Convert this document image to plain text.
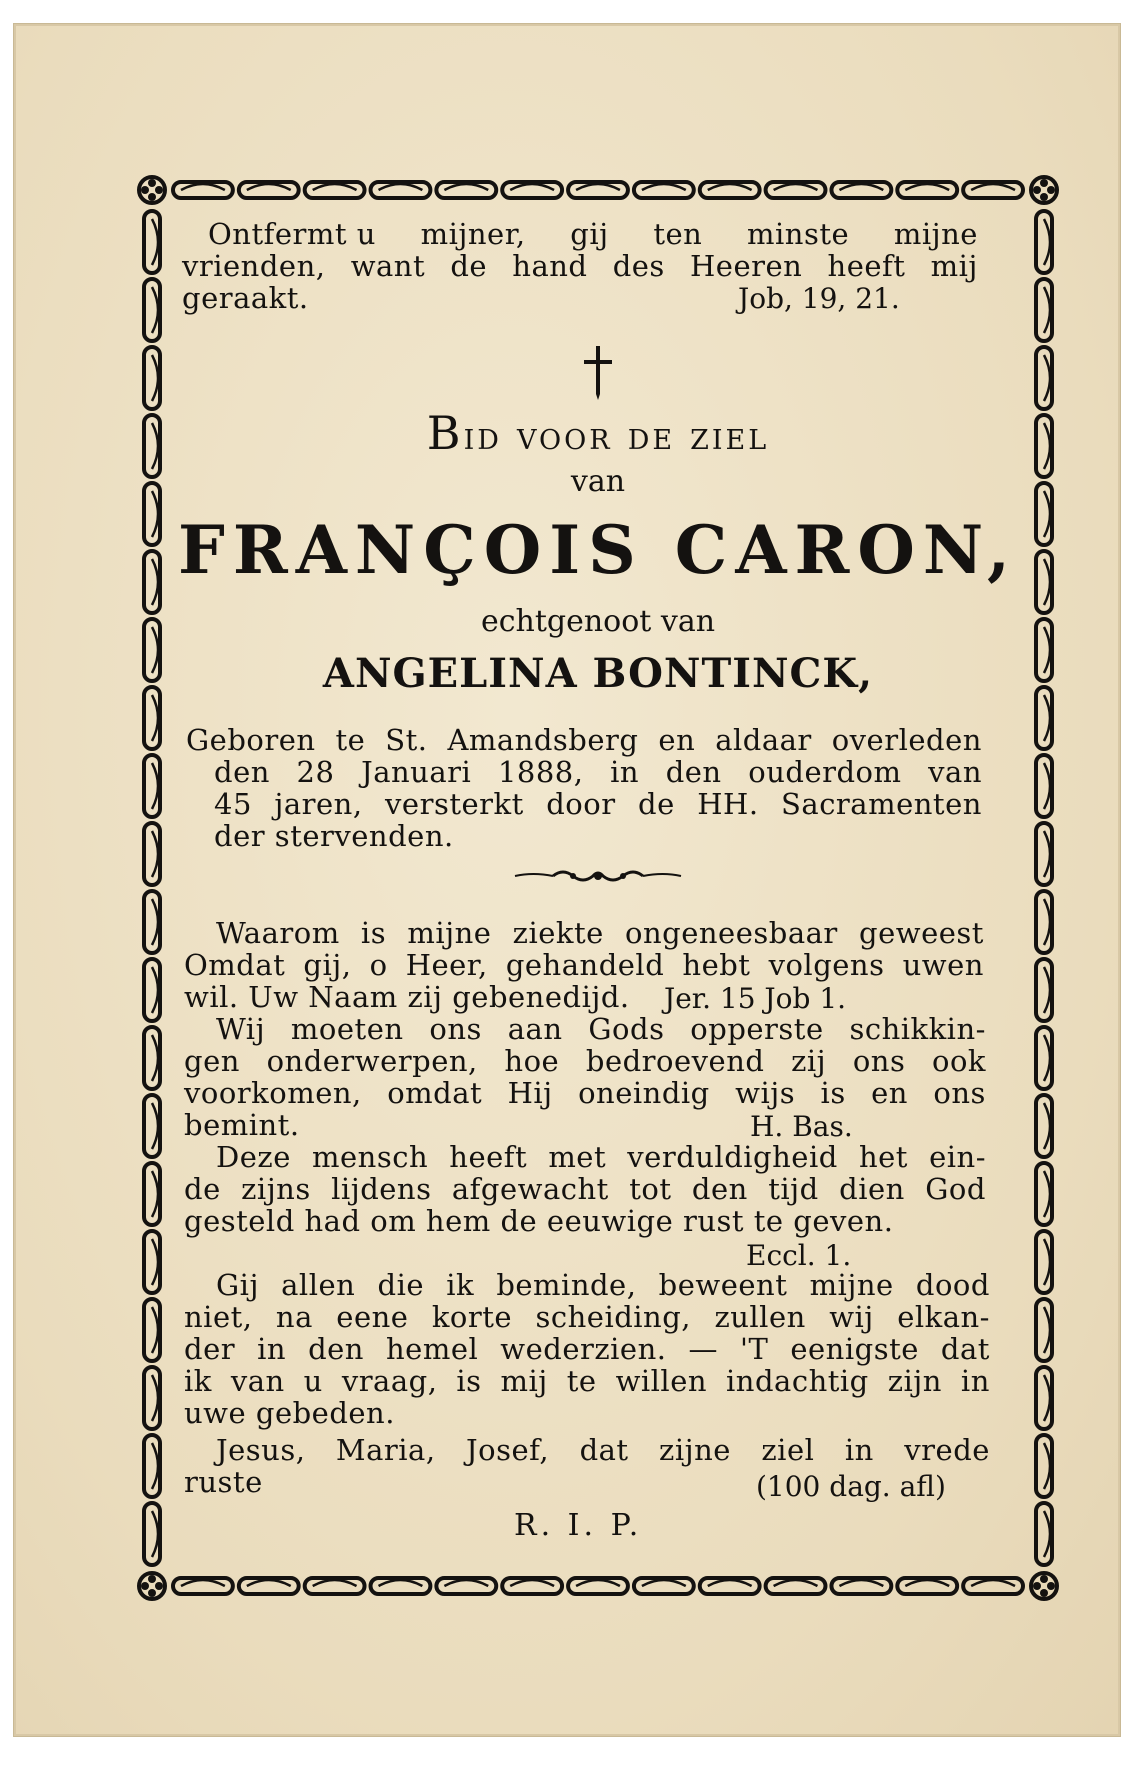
Ontfermt u mijner, gij ten minste mijne
vrienden, want de hand des Heeren heeft mij
geraakt.	Job, 19, 21.
Bid voor de ziel
van
FRANÇOIS CARON,
echtgenoot van
ANGELINA BONTINCK,
Geboren te St. Amandsberg en aldaar overleden
den 28 Januari 1888, in den ouderdom van
45 jaren, versterkt door de HH. Sacramenten
der stervenden.
Waarom is mijne ziekte ongeneesbaar geweest
Omdat gij, o Heer, gehandeld hebt volgens uwen
wil. Uw Naam zij gebenedijd. Jer. 15 Job 1.
Wij moeten ons aan Gods opperste schikkin-
gen onderwerpen, hoe bedroevend zij ons ook
voorkomen, omdat Hij oneindig wijs is en ons
bemint.	H. Bas.
Deze mensch heeft met verduldigheid het ein-
de zijns lijdens afgewacht tot den tijd dien God
gesteld had om hem de eeuwige rust te geven.
Eccl. 1.
Gij allen die ik beminde, beweent mijne dood
niet, na eene korte scheiding, zullen wij elkan-
der in den hemel wederzien. — 'T eenigste dat
ik van u vraag, is mij te willen indachtig zijn in
uwe gebeden.
Jesus, Maria, Josef, dat zijne ziel in vrede
ruste	(100 dag. afl)
R. I. P.
